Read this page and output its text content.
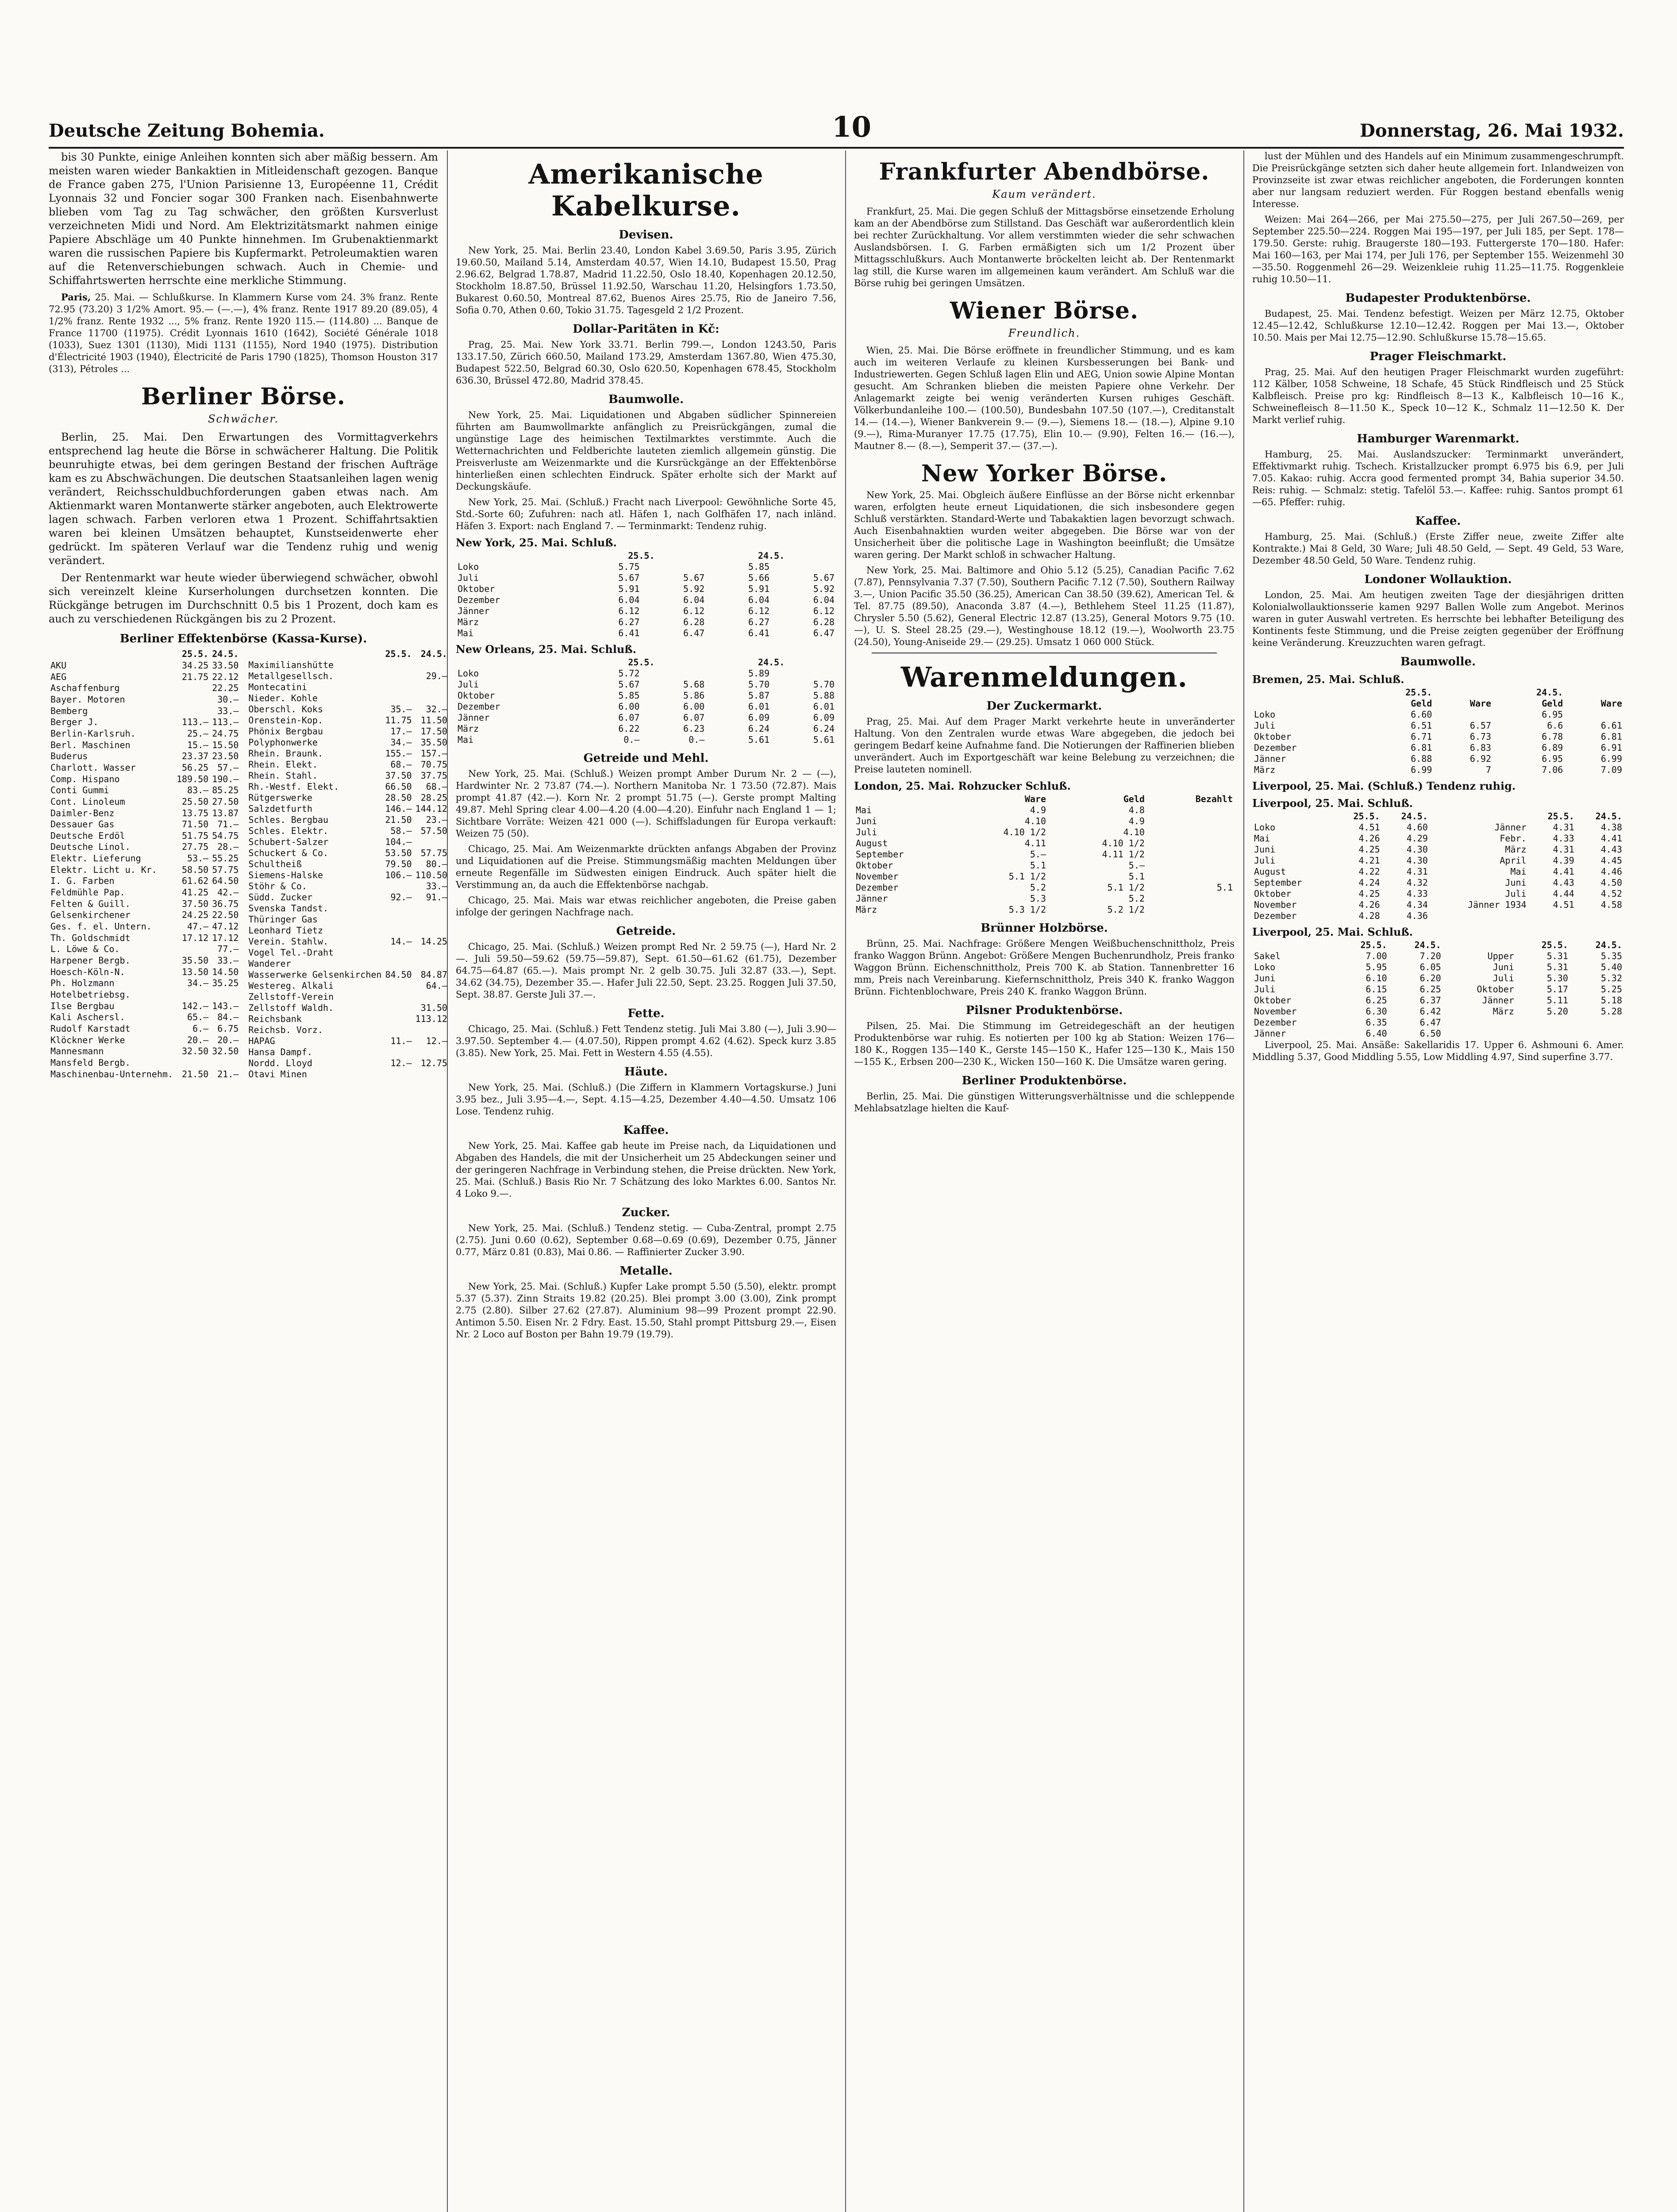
Deutsche Zeitung Bohemia.	10	Donnerstag, 26. Mai 1932.

bis 30 Punkte, einige Anleihen konnten sich aber mäßig bessern. Am meisten waren wieder Bankaktien in Mitleidenschaft gezogen. Banque de France gaben 275, l'Union Parisienne 13, Européenne 11, Crédit Lyonnais 32 und Foncier sogar 300 Franken nach. Eisenbahnwerte blieben vom Tag zu Tag schwächer, den größten Kursverlust verzeichneten Midi und Nord. Am Elektrizitätsmarkt nahmen einige Papiere Abschläge um 40 Punkte hinnehmen. Im Grubenaktienmarkt waren die russischen Papiere bis Kupfermarkt. Petroleumaktien waren auf die Retenverschiebungen schwach. Auch in Chemie- und Schiffahrtswerten herrschte eine merkliche Stimmung.

Paris, 25. Mai. — Schlußkurse. In Klammern Kurse vom 24. 3% franz. Rente 72.95 (73.20) 3 1/2% Amort. 95.— (—.—), 4% franz. Rente 1917 89.20 (89.05), 4 1/2% franz. Rente 1932 ..., 5% franz. Rente 1920 115.— (114.80) ... Banque de France 11700 (11975). Crédit Lyonnais 1610 (1642), Société Générale 1018 (1033), Suez 1301 (1130), Midi 1131 (1155), Nord 1940 (1975). Distribution d'Électricité 1903 (1940), Électricité de Paris 1790 (1825), Thomson Houston 317 (313), Pétroles ...

Berliner Börse.
Schwächer.

Berlin, 25. Mai. Den Erwartungen des Vormittagverkehrs entsprechend lag heute die Börse in schwächerer Haltung. Die Politik beunruhigte etwas, bei dem geringen Bestand der frischen Aufträge kam es zu Abschwächungen. Die deutschen Staatsanleihen lagen wenig verändert, Reichsschuldbuchforderungen gaben etwas nach. Am Aktienmarkt waren Montanwerte stärker angeboten, auch Elektrowerte lagen schwach. Farben verloren etwa 1 Prozent. Schiffahrtsaktien waren bei kleinen Umsätzen behauptet, Kunstseidenwerte eher gedrückt. Im späteren Verlauf war die Tendenz ruhig und wenig verändert.

Der Rentenmarkt war heute wieder überwiegend schwächer, obwohl sich vereinzelt kleine Kurserholungen durchsetzen konnten. Die Rückgänge betrugen im Durchschnitt 0.5 bis 1 Prozent, doch kam es auch zu verschiedenen Rückgängen bis zu 2 Prozent.

Berliner Effektenbörse (Kassa-Kurse).
	25.5.	24.5.
AKU	34.25	33.50
AEG	21.75	22.12
Aschaffenburg		22.25
Bayer. Motoren		30.—
Bemberg		33.—
Berger J.	113.—	113.—
Berlin-Karlsruh.	25.—	24.75
Berl. Maschinen	15.—	15.50
Buderus	23.37	23.50
Charlott. Wasser	56.25	57.—
Comp. Hispano	189.50	190.—
Conti Gummi	83.—	85.25
Cont. Linoleum	25.50	27.50
Daimler-Benz	13.75	13.87
Dessauer Gas	71.50	71.—
Deutsche Erdöl	51.75	54.75
Deutsche Linol.	27.75	28.—
Elektr. Lieferung	53.—	55.25
Elektr. Licht u. Kr.	58.50	57.75
I. G. Farben	61.62	64.50
Feldmühle Pap.	41.25	42.—
Felten & Guill.	37.50	36.75
Gelsenkirchener	24.25	22.50
Ges. f. el. Untern.	47.—	47.12
Th. Goldschmidt	17.12	17.12
L. Löwe & Co.		77.—
Harpener Bergb.	35.50	33.—
Hoesch-Köln-N.	13.50	14.50
Ph. Holzmann	34.—	35.25
Hotelbetriebsg.		
Ilse Bergbau	142.—	143.—
Kali Aschersl.	65.—	84.—
Rudolf Karstadt	6.—	6.75
Klöckner Werke	20.—	20.—
Mannesmann	32.50	32.50
Mansfeld Bergb.		
Maschinenbau-Unternehm.	21.50	21.—
	25.5.	24.5.
Maximilianshütte		
Metallgesellsch.		29.—
Montecatini		
Nieder. Kohle		
Oberschl. Koks	35.—	32.—
Orenstein-Kop.	11.75	11.50
Phönix Bergbau	17.—	17.50
Polyphonwerke	34.—	35.50
Rhein. Braunk.	155.—	157.—
Rhein. Elekt.	68.—	70.75
Rhein. Stahl.	37.50	37.75
Rh.-Westf. Elekt.	66.50	68.—
Rütgerswerke	28.50	28.25
Salzdetfurth	146.—	144.12
Schles. Bergbau	21.50	23.—
Schles. Elektr.	58.—	57.50
Schubert-Salzer	104.—	
Schuckert & Co.	53.50	57.75
Schultheiß	79.50	80.—
Siemens-Halske	106.—	110.50
Stöhr & Co.		33.—
Südd. Zucker	92.—	91.—
Svenska Tandst.		
Thüringer Gas		
Leonhard Tietz		
Verein. Stahlw.	14.—	14.25
Vogel Tel.-Draht		
Wanderer		
Wasserwerke Gelsenkirchen	84.50	84.87
Westereg. Alkali		64.—
Zellstoff-Verein		
Zellstoff Waldh.		31.50
Reichsbank		113.12
Reichsb. Vorz.		
HAPAG	11.—	12.—
Hansa Dampf.		
Nordd. Lloyd	12.—	12.75
Otavi Minen		
Amerikanische Kabelkurse.
Devisen.

New York, 25. Mai. Berlin 23.40, London Kabel 3.69.50, Paris 3.95, Zürich 19.60.50, Mailand 5.14, Amsterdam 40.57, Wien 14.10, Budapest 15.50, Prag 2.96.62, Belgrad 1.78.87, Madrid 11.22.50, Oslo 18.40, Kopenhagen 20.12.50, Stockholm 18.87.50, Brüssel 11.92.50, Warschau 11.20, Helsingfors 1.73.50, Bukarest 0.60.50, Montreal 87.62, Buenos Aires 25.75, Rio de Janeiro 7.56, Sofia 0.70, Athen 0.60, Tokio 31.75. Tagesgeld 2 1/2 Prozent.

Dollar-Paritäten in Kč:

Prag, 25. Mai. New York 33.71. Berlin 799.—, London 1243.50, Paris 133.17.50, Zürich 660.50, Mailand 173.29, Amsterdam 1367.80, Wien 475.30, Budapest 522.50, Belgrad 60.30, Oslo 620.50, Kopenhagen 678.45, Stockholm 636.30, Brüssel 472.80, Madrid 378.45.

Baumwolle.

New York, 25. Mai. Liquidationen und Abgaben südlicher Spinnereien führten am Baumwollmarkte anfänglich zu Preisrückgängen, zumal die ungünstige Lage des heimischen Textilmarktes verstimmte. Auch die Wetternachrichten und Feldberichte lauteten ziemlich allgemein günstig. Die Preisverluste am Weizenmarkte und die Kursrückgänge an der Effektenbörse hinterließen einen schlechten Eindruck. Später erholte sich der Markt auf Deckungskäufe.

New York, 25. Mai. (Schluß.) Fracht nach Liverpool: Gewöhnliche Sorte 45, Std.-Sorte 60; Zufuhren: nach atl. Häfen 1, nach Golfhäfen 17, nach inländ. Häfen 3. Export: nach England 7. — Terminmarkt: Tendenz ruhig.

New York, 25. Mai. Schluß.
	25.5.		24.5.	
Loko	5.75		5.85	
Juli	5.67	5.67	5.66	5.67
Oktober	5.91	5.92	5.91	5.92
Dezember	6.04	6.04	6.04	6.04
Jänner	6.12	6.12	6.12	6.12
März	6.27	6.28	6.27	6.28
Mai	6.41	6.47	6.41	6.47
New Orleans, 25. Mai. Schluß.
	25.5.		24.5.	
Loko	5.72		5.89	
Juli	5.67	5.68	5.70	5.70
Oktober	5.85	5.86	5.87	5.88
Dezember	6.00	6.00	6.01	6.01
Jänner	6.07	6.07	6.09	6.09
März	6.22	6.23	6.24	6.24
Mai	0.—	0.—	5.61	5.61
Getreide und Mehl.

New York, 25. Mai. (Schluß.) Weizen prompt Amber Durum Nr. 2 — (—), Hardwinter Nr. 2 73.87 (74.—). Northern Manitoba Nr. 1 73.50 (72.87). Mais prompt 41.87 (42.—). Korn Nr. 2 prompt 51.75 (—). Gerste prompt Malting 49.87. Mehl Spring clear 4.00—4.20 (4.00—4.20). Einfuhr nach England 1 — 1; Sichtbare Vorräte: Weizen 421 000 (—). Schiffsladungen für Europa verkauft: Weizen 75 (50).

Chicago, 25. Mai. Am Weizenmarkte drückten anfangs Abgaben der Provinz und Liquidationen auf die Preise. Stimmungsmäßig machten Meldungen über erneute Regenfälle im Südwesten einigen Eindruck. Auch später hielt die Verstimmung an, da auch die Effektenbörse nachgab.

Chicago, 25. Mai. Mais war etwas reichlicher angeboten, die Preise gaben infolge der geringen Nachfrage nach.

Getreide.

Chicago, 25. Mai. (Schluß.) Weizen prompt Red Nr. 2 59.75 (—), Hard Nr. 2 —. Juli 59.50—59.62 (59.75—59.87), Sept. 61.50—61.62 (61.75), Dezember 64.75—64.87 (65.—). Mais prompt Nr. 2 gelb 30.75. Juli 32.87 (33.—), Sept. 34.62 (34.75), Dezember 35.—. Hafer Juli 22.50, Sept. 23.25. Roggen Juli 37.50, Sept. 38.87. Gerste Juli 37.—.

Fette.

Chicago, 25. Mai. (Schluß.) Fett Tendenz stetig. Juli Mai 3.80 (—), Juli 3.90—3.97.50. September 4.— (4.07.50), Rippen prompt 4.62 (4.62). Speck kurz 3.85 (3.85). New York, 25. Mai. Fett in Western 4.55 (4.55).

Häute.

New York, 25. Mai. (Schluß.) (Die Ziffern in Klammern Vortagskurse.) Juni 3.95 bez., Juli 3.95—4.—, Sept. 4.15—4.25, Dezember 4.40—4.50. Umsatz 106 Lose. Tendenz ruhig.

Kaffee.

New York, 25. Mai. Kaffee gab heute im Preise nach, da Liquidationen und Abgaben des Handels, die mit der Unsicherheit um 25 Abdeckungen seiner und der geringeren Nachfrage in Verbindung stehen, die Preise drückten. New York, 25. Mai. (Schluß.) Basis Rio Nr. 7 Schätzung des loko Marktes 6.00. Santos Nr. 4 Loko 9.—.

Zucker.

New York, 25. Mai. (Schluß.) Tendenz stetig. — Cuba-Zentral, prompt 2.75 (2.75). Juni 0.60 (0.62), September 0.68—0.69 (0.69), Dezember 0.75, Jänner 0.77, März 0.81 (0.83), Mai 0.86. — Raffinierter Zucker 3.90.

Metalle.

New York, 25. Mai. (Schluß.) Kupfer Lake prompt 5.50 (5.50), elektr. prompt 5.37 (5.37). Zinn Straits 19.82 (20.25). Blei prompt 3.00 (3.00), Zink prompt 2.75 (2.80). Silber 27.62 (27.87). Aluminium 98—99 Prozent prompt 22.90. Antimon 5.50. Eisen Nr. 2 Fdry. East. 15.50, Stahl prompt Pittsburg 29.—, Eisen Nr. 2 Loco auf Boston per Bahn 19.79 (19.79).

Frankfurter Abendbörse.
Kaum verändert.

Frankfurt, 25. Mai. Die gegen Schluß der Mittagsbörse einsetzende Erholung kam an der Abendbörse zum Stillstand. Das Geschäft war außerordentlich klein bei rechter Zurückhaltung. Vor allem verstimmten wieder die sehr schwachen Auslandsbörsen. I. G. Farben ermäßigten sich um 1/2 Prozent über Mittagsschlußkurs. Auch Montanwerte bröckelten leicht ab. Der Rentenmarkt lag still, die Kurse waren im allgemeinen kaum verändert. Am Schluß war die Börse ruhig bei geringen Umsätzen.

Wiener Börse.
Freundlich.

Wien, 25. Mai. Die Börse eröffnete in freundlicher Stimmung, und es kam auch im weiteren Verlaufe zu kleinen Kursbesserungen bei Bank- und Industriewerten. Gegen Schluß lagen Elin und AEG, Union sowie Alpine Montan gesucht. Am Schranken blieben die meisten Papiere ohne Verkehr. Der Anlagemarkt zeigte bei wenig veränderten Kursen ruhiges Geschäft. Völkerbundanleihe 100.— (100.50), Bundesbahn 107.50 (107.—), Creditanstalt 14.— (14.—), Wiener Bankverein 9.— (9.—), Siemens 18.— (18.—), Alpine 9.10 (9.—), Rima-Muranyer 17.75 (17.75), Elin 10.— (9.90), Felten 16.— (16.—), Mautner 8.— (8.—), Semperit 37.— (37.—).

New Yorker Börse.

New York, 25. Mai. Obgleich äußere Einflüsse an der Börse nicht erkennbar waren, erfolgten heute erneut Liquidationen, die sich insbesondere gegen Schluß verstärkten. Standard-Werte und Tabakaktien lagen bevorzugt schwach. Auch Eisenbahnaktien wurden weiter abgegeben. Die Börse war von der Unsicherheit über die politische Lage in Washington beeinflußt; die Umsätze waren gering. Der Markt schloß in schwacher Haltung.

New York, 25. Mai. Baltimore and Ohio 5.12 (5.25), Canadian Pacific 7.62 (7.87), Pennsylvania 7.37 (7.50), Southern Pacific 7.12 (7.50), Southern Railway 3.—, Union Pacific 35.50 (36.25), American Can 38.50 (39.62), American Tel. & Tel. 87.75 (89.50), Anaconda 3.87 (4.—), Bethlehem Steel 11.25 (11.87), Chrysler 5.50 (5.62), General Electric 12.87 (13.25), General Motors 9.75 (10.—), U. S. Steel 28.25 (29.—), Westinghouse 18.12 (19.—), Woolworth 23.75 (24.50), Young-Aniseide 29.— (29.25). Umsatz 1 060 000 Stück.

Warenmeldungen.
Der Zuckermarkt.

Prag, 25. Mai. Auf dem Prager Markt verkehrte heute in unveränderter Haltung. Von den Zentralen wurde etwas Ware abgegeben, die jedoch bei geringem Bedarf keine Aufnahme fand. Die Notierungen der Raffinerien blieben unverändert. Auch im Exportgeschäft war keine Belebung zu verzeichnen; die Preise lauteten nominell.

London, 25. Mai. Rohzucker Schluß.
	Ware		Geld		Bezahlt
Mai	4.9		4.8		
Juni	4.10		4.9		
Juli	4.10 1/2		4.10		
August	4.11		4.10 1/2		
September	5.—		4.11 1/2		
Oktober	5.1		5.—		
November	5.1 1/2		5.1		
Dezember	5.2		5.1 1/2		5.1
Jänner	5.3		5.2		
März	5.3 1/2		5.2 1/2		
Brünner Holzbörse.

Brünn, 25. Mai. Nachfrage: Größere Mengen Weißbuchenschnittholz, Preis franko Waggon Brünn. Angebot: Größere Mengen Buchenrundholz, Preis franko Waggon Brünn. Eichenschnittholz, Preis 700 K. ab Station. Tannenbretter 16 mm, Preis nach Vereinbarung. Kiefernschnittholz, Preis 340 K. franko Waggon Brünn. Fichtenblochware, Preis 240 K. franko Waggon Brünn.

Pilsner Produktenbörse.

Pilsen, 25. Mai. Die Stimmung im Getreidegeschäft an der heutigen Produktenbörse war ruhig. Es notierten per 100 kg ab Station: Weizen 176—180 K., Roggen 135—140 K., Gerste 145—150 K., Hafer 125—130 K., Mais 150—155 K., Erbsen 200—230 K., Wicken 150—160 K. Die Umsätze waren gering.

Berliner Produktenbörse.

Berlin, 25. Mai. Die günstigen Witterungsverhältnisse und die schleppende Mehlabsatzlage hielten die Kauf-

lust der Mühlen und des Handels auf ein Minimum zusammengeschrumpft. Die Preisrückgänge setzten sich daher heute allgemein fort. Inlandweizen von Provinzseite ist zwar etwas reichlicher angeboten, die Forderungen konnten aber nur langsam reduziert werden. Für Roggen bestand ebenfalls wenig Interesse.

Weizen: Mai 264—266, per Mai 275.50—275, per Juli 267.50—269, per September 225.50—224. Roggen Mai 195—197, per Juli 185, per Sept. 178—179.50. Gerste: ruhig. Braugerste 180—193. Futtergerste 170—180. Hafer: Mai 160—163, per Mai 174, per Juli 176, per September 155. Weizenmehl 30—35.50. Roggenmehl 26—29. Weizenkleie ruhig 11.25—11.75. Roggenkleie ruhig 10.50—11.

Budapester Produktenbörse.

Budapest, 25. Mai. Tendenz befestigt. Weizen per März 12.75, Oktober 12.45—12.42, Schlußkurse 12.10—12.42. Roggen per Mai 13.—, Oktober 10.50. Mais per Mai 12.75—12.90. Schlußkurse 15.78—15.65.

Prager Fleischmarkt.

Prag, 25. Mai. Auf den heutigen Prager Fleischmarkt wurden zugeführt: 112 Kälber, 1058 Schweine, 18 Schafe, 45 Stück Rindfleisch und 25 Stück Kalbfleisch. Preise pro kg: Rindfleisch 8—13 K., Kalbfleisch 10—16 K., Schweinefleisch 8—11.50 K., Speck 10—12 K., Schmalz 11—12.50 K. Der Markt verlief ruhig.

Hamburger Warenmarkt.

Hamburg, 25. Mai. Auslandszucker: Terminmarkt unverändert, Effektivmarkt ruhig. Tschech. Kristallzucker prompt 6.975 bis 6.9, per Juli 7.05. Kakao: ruhig. Accra good fermented prompt 34, Bahia superior 34.50. Reis: ruhig. — Schmalz: stetig. Tafelöl 53.—. Kaffee: ruhig. Santos prompt 61—65. Pfeffer: ruhig.

Kaffee.

Hamburg, 25. Mai. (Schluß.) (Erste Ziffer neue, zweite Ziffer alte Kontrakte.) Mai 8 Geld, 30 Ware; Juli 48.50 Geld, — Sept. 49 Geld, 53 Ware, Dezember 48.50 Geld, 50 Ware. Tendenz ruhig.

Londoner Wollauktion.

London, 25. Mai. Am heutigen zweiten Tage der diesjährigen dritten Kolonialwollauktionsserie kamen 9297 Ballen Wolle zum Angebot. Merinos waren in guter Auswahl vertreten. Es herrschte bei lebhafter Beteiligung des Kontinents feste Stimmung, und die Preise zeigten gegenüber der Eröffnung keine Veränderung. Kreuzzuchten waren gefragt.

Baumwolle.
Bremen, 25. Mai. Schluß.
	25.5.		24.5.	
	Geld	Ware	Geld	Ware
Loko	6.60		6.95	
Juli	6.51	6.57	6.6	6.61
Oktober	6.71	6.73	6.78	6.81
Dezember	6.81	6.83	6.89	6.91
Jänner	6.88	6.92	6.95	6.99
März	6.99	7	7.06	7.09
Liverpool, 25. Mai. (Schluß.) Tendenz ruhig.
Liverpool, 25. Mai. Schluß.
	25.5.	24.5.		25.5.	24.5.
Loko	4.51	4.60	Jänner	4.31	4.38
Mai	4.26	4.29	Febr.	4.33	4.41
Juni	4.25	4.30	März	4.31	4.43
Juli	4.21	4.30	April	4.39	4.45
August	4.22	4.31	Mai	4.41	4.46
September	4.24	4.32	Juni	4.43	4.50
Oktober	4.25	4.33	Juli	4.44	4.52
November	4.26	4.34	Jänner 1934	4.51	4.58
Dezember	4.28	4.36			
Liverpool, 25. Mai. Schluß.
	25.5.	24.5.		25.5.	24.5.
Sakel	7.00	7.20	Upper	5.31	5.35
Loko	5.95	6.05	Juni	5.31	5.40
Juni	6.10	6.20	Juli	5.30	5.32
Juli	6.15	6.25	Oktober	5.17	5.25
Oktober	6.25	6.37	Jänner	5.11	5.18
November	6.30	6.42	März	5.20	5.28
Dezember	6.35	6.47			
Jänner	6.40	6.50			

Liverpool, 25. Mai. Ansäße: Sakellaridis 17. Upper 6. Ashmouni 6. Amer. Middling 5.37, Good Middling 5.55, Low Middling 4.97, Sind superfine 3.77.
